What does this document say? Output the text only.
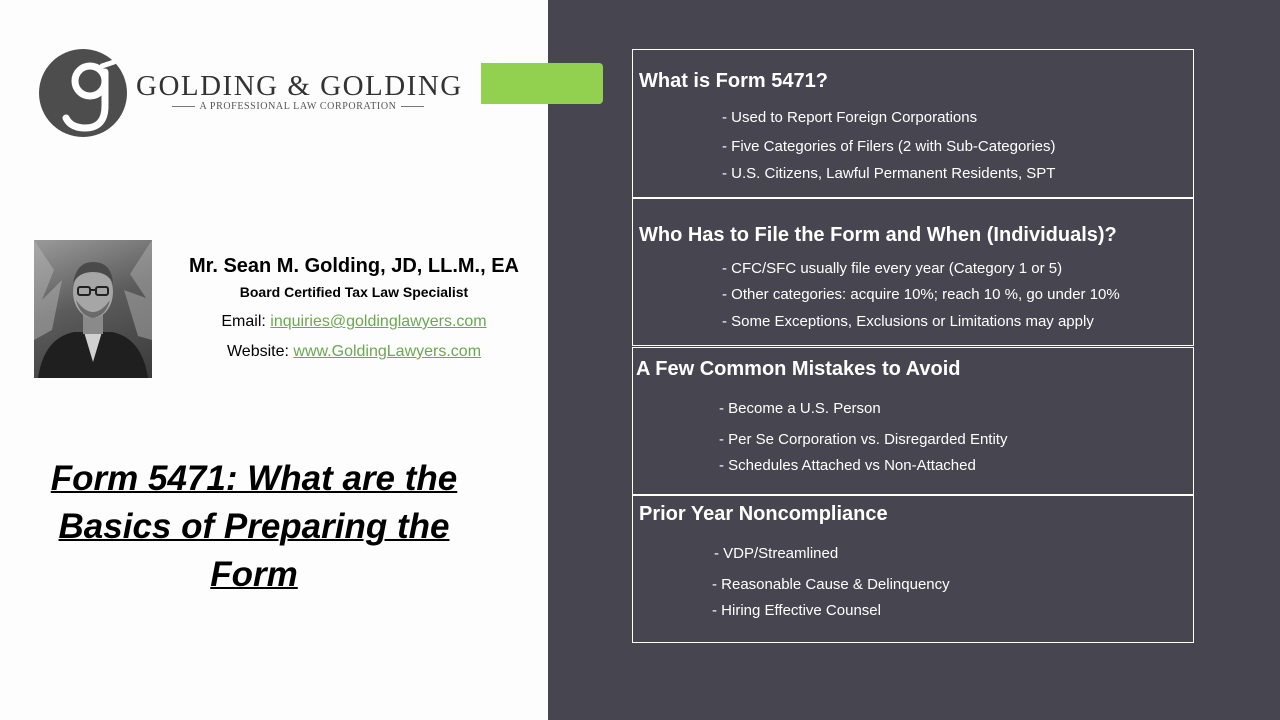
GOLDING & GOLDING
A PROFESSIONAL LAW CORPORATION
Mr. Sean M. Golding, JD, LL.M., EA
Board Certified Tax Law Specialist
Email: inquiries@goldinglawyers.com
Website: www.GoldingLawyers.com
Form 5471: What are the Basics of Preparing the Form
What is Form 5471?
- Used to Report Foreign Corporations
- Five Categories of Filers (2 with Sub-Categories)
- U.S. Citizens, Lawful Permanent Residents, SPT
Who Has to File the Form and When (Individuals)?
- CFC/SFC usually file every year (Category 1 or 5)
- Other categories: acquire 10%; reach 10 %, go under 10%
- Some Exceptions, Exclusions or Limitations may apply
A Few Common Mistakes to Avoid
- Become a U.S. Person
- Per Se Corporation vs. Disregarded Entity
- Schedules Attached vs Non-Attached
Prior Year Noncompliance
- VDP/Streamlined
- Reasonable Cause & Delinquency
- Hiring Effective Counsel
